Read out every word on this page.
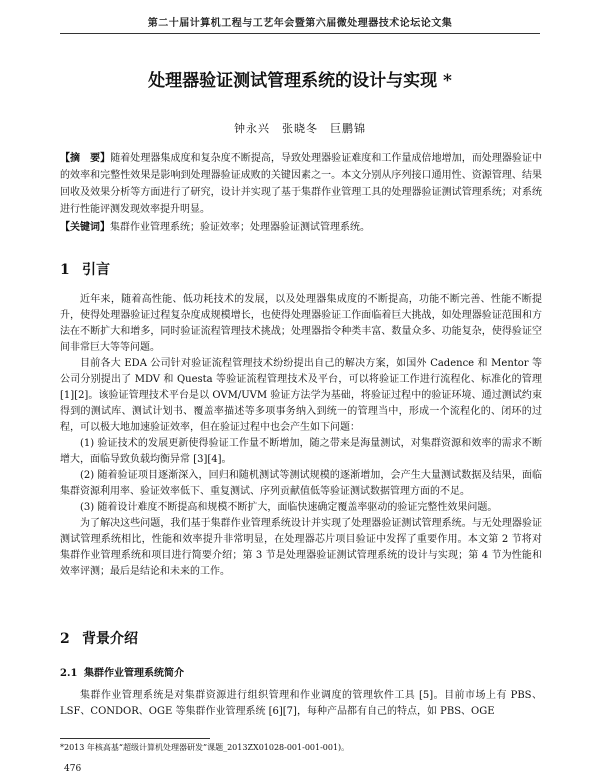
第二十届计算机工程与工艺年会暨第六届微处理器技术论坛论文集
处理器验证测试管理系统的设计与实现 *
钟永兴　张晓冬　巨鹏锦
【摘　要】随着处理器集成度和复杂度不断提高，导致处理器验证难度和工作量成倍地增加，而处理器验证中的效率和完整性效果是影响到处理器验证成败的关键因素之一。本文分别从序列接口通用性、资源管理、结果回收及效果分析等方面进行了研究，设计并实现了基于集群作业管理工具的处理器验证测试管理系统；对系统进行性能评测发现效率提升明显。
【关键词】集群作业管理系统；验证效率；处理器验证测试管理系统。
1 引言

近年来，随着高性能、低功耗技术的发展，以及处理器集成度的不断提高，功能不断完善、性能不断提升，使得处理器验证过程复杂度成规模增长，也使得处理器验证工作面临着巨大挑战，如处理器验证范围和方法在不断扩大和增多，同时验证流程管理技术挑战；处理器指令种类丰富、数量众多、功能复杂，使得验证空间非常巨大等等问题。

目前各大 EDA 公司针对验证流程管理技术纷纷提出自己的解决方案，如国外 Cadence 和 Mentor 等公司分别提出了 MDV 和 Questa 等验证流程管理技术及平台，可以将验证工作进行流程化、标准化的管理[1][2]。该验证管理技术平台是以 OVM/UVM 验证方法学为基础，将验证过程中的验证环境、通过测试约束得到的测试库、测试计划书、覆盖率描述等多项事务纳入到统一的管理当中，形成一个流程化的、闭环的过程，可以极大地加速验证效率，但在验证过程中也会产生如下问题：

(1) 验证技术的发展更新使得验证工作量不断增加，随之带来是海量测试，对集群资源和效率的需求不断增大，面临导致负载均衡异常 [3][4]。

(2) 随着验证项目逐渐深入，回归和随机测试等测试规模的逐渐增加，会产生大量测试数据及结果，面临集群资源利用率、验证效率低下、重复测试、序列贡献值低等验证测试数据管理方面的不足。

(3) 随着设计难度不断提高和规模不断扩大，面临快速确定覆盖率驱动的验证完整性效果问题。

为了解决这些问题，我们基于集群作业管理系统设计并实现了处理器验证测试管理系统。与无处理器验证测试管理系统相比，性能和效率提升非常明显，在处理器芯片项目验证中发挥了重要作用。本文第 2 节将对集群作业管理系统和项目进行简要介绍；第 3 节是处理器验证测试管理系统的设计与实现；第 4 节为性能和效率评测；最后是结论和未来的工作。

2 背景介绍
2.1 集群作业管理系统简介

集群作业管理系统是对集群资源进行组织管理和作业调度的管理软件工具 [5]。目前市场上有 PBS、LSF、CONDOR、OGE 等集群作业管理系统 [6][7]，每种产品都有自己的特点，如 PBS、OGE

*2013 年核高基“超级计算机处理器研发”课题_2013ZX01028-001-001-001)。
476
